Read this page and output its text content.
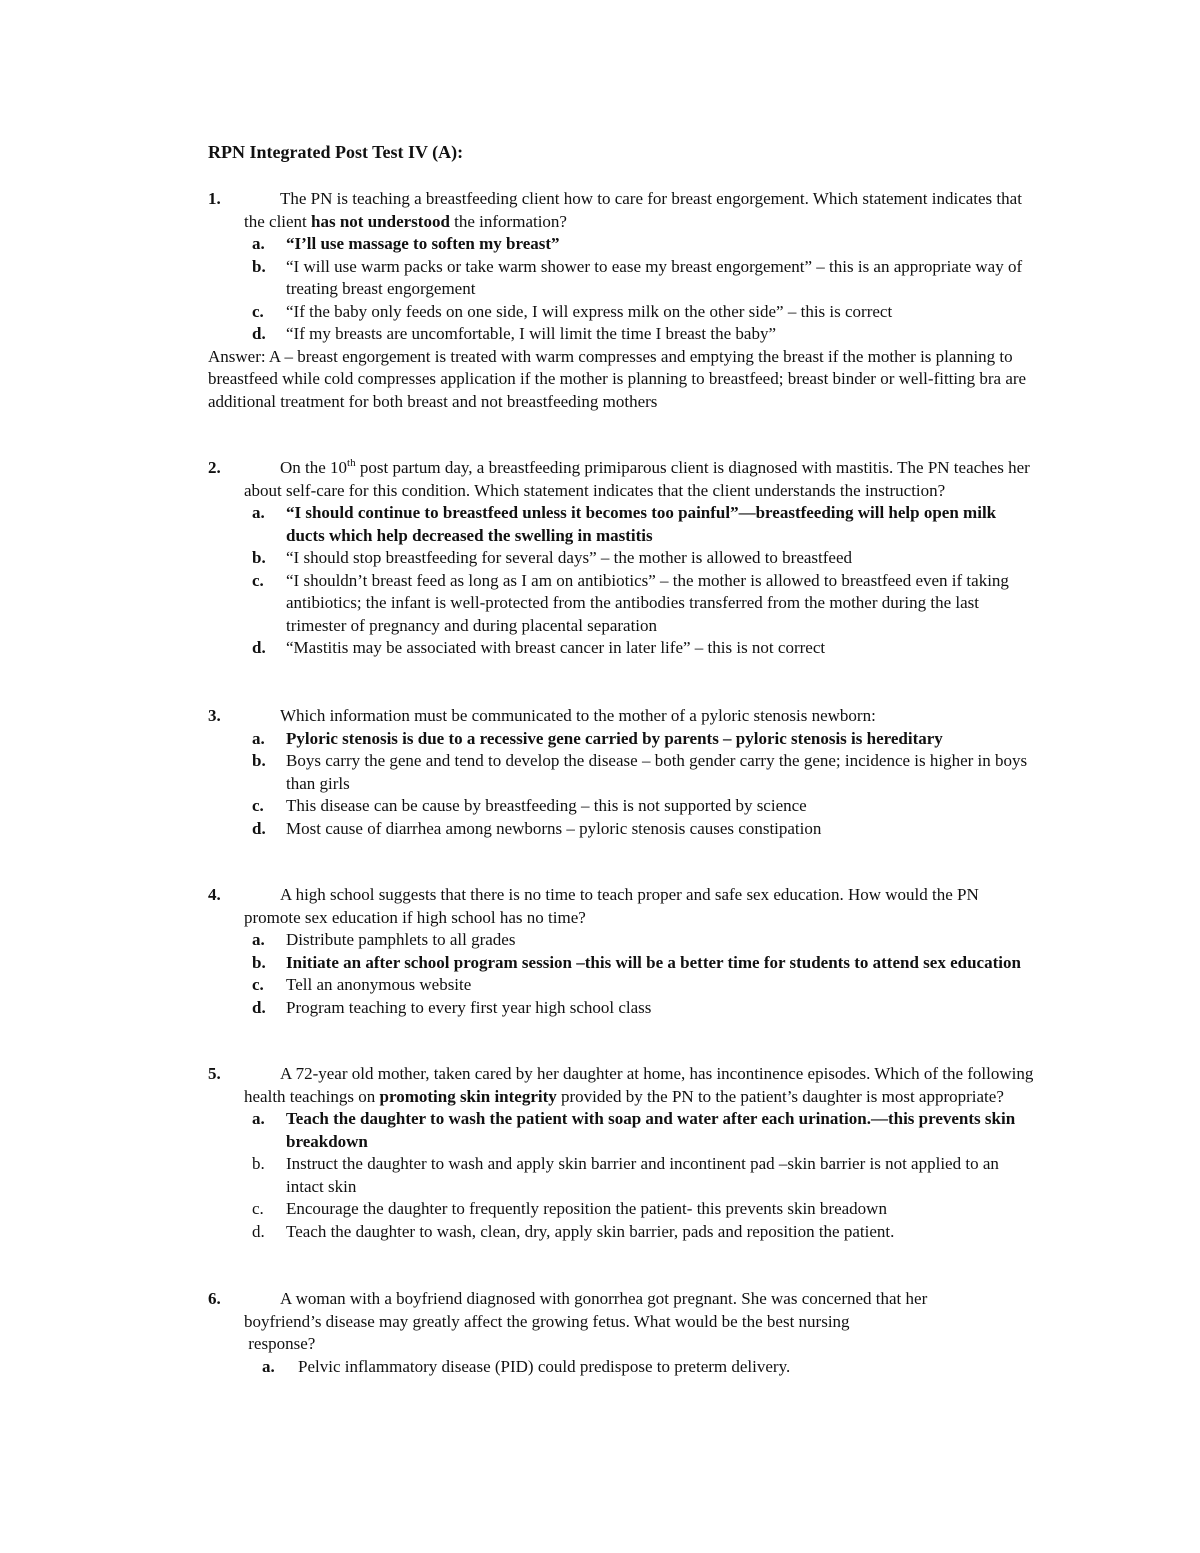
RPN Integrated Post Test IV (A):
1.	The PN is teaching a breastfeeding client how to care for breast engorgement. Which statement indicates that the client has not understood the information?
a. “I’ll use massage to soften my breast”
b. “I will use warm packs or take warm shower to ease my breast engorgement” – this is an appropriate way of treating breast engorgement
c. “If the baby only feeds on one side, I will express milk on the other side” – this is correct
d. “If my breasts are uncomfortable, I will limit the time I breast the baby”
Answer: A – breast engorgement is treated with warm compresses and emptying the breast if the mother is planning to breastfeed while cold compresses application if the mother is planning to breastfeed; breast binder or well-fitting bra are additional treatment for both breast and not breastfeeding mothers
2.	On the 10th post partum day, a breastfeeding primiparous client is diagnosed with mastitis. The PN teaches her about self-care for this condition. Which statement indicates that the client understands the instruction?
a. “I should continue to breastfeed unless it becomes too painful”—breastfeeding will help open milk ducts which help decreased the swelling in mastitis
b. “I should stop breastfeeding for several days” – the mother is allowed to breastfeed
c. “I shouldn’t breast feed as long as I am on antibiotics” – the mother is allowed to breastfeed even if taking antibiotics; the infant is well-protected from the antibodies transferred from the mother during the last trimester of pregnancy and during placental separation
d. “Mastitis may be associated with breast cancer in later life” – this is not correct
3.	Which information must be communicated to the mother of a pyloric stenosis newborn:
a. Pyloric stenosis is due to a recessive gene carried by parents – pyloric stenosis is hereditary
b. Boys carry the gene and tend to develop the disease – both gender carry the gene; incidence is higher in boys than girls
c. This disease can be cause by breastfeeding – this is not supported by science
d. Most cause of diarrhea among newborns – pyloric stenosis causes constipation
4.	A high school suggests that there is no time to teach proper and safe sex education. How would the PN promote sex education if high school has no time?
a. Distribute pamphlets to all grades
b. Initiate an after school program session –this will be a better time for students to attend sex education
c. Tell an anonymous website
d. Program teaching to every first year high school class
5.	A 72-year old mother, taken cared by her daughter at home, has incontinence episodes. Which of the following health teachings on promoting skin integrity provided by the PN to the patient’s daughter is most appropriate?
a. Teach the daughter to wash the patient with soap and water after each urination.—this prevents skin breakdown
b. Instruct the daughter to wash and apply skin barrier and incontinent pad –skin barrier is not applied to an intact skin
c. Encourage the daughter to frequently reposition the patient- this prevents skin breadown
d. Teach the daughter to wash, clean, dry, apply skin barrier, pads and reposition the patient.
6.	A woman with a boyfriend diagnosed with gonorrhea got pregnant. She was concerned that her
boyfriend’s disease may greatly affect the growing fetus. What would be the best nursing
response?
a. Pelvic inflammatory disease (PID) could predispose to preterm delivery.
